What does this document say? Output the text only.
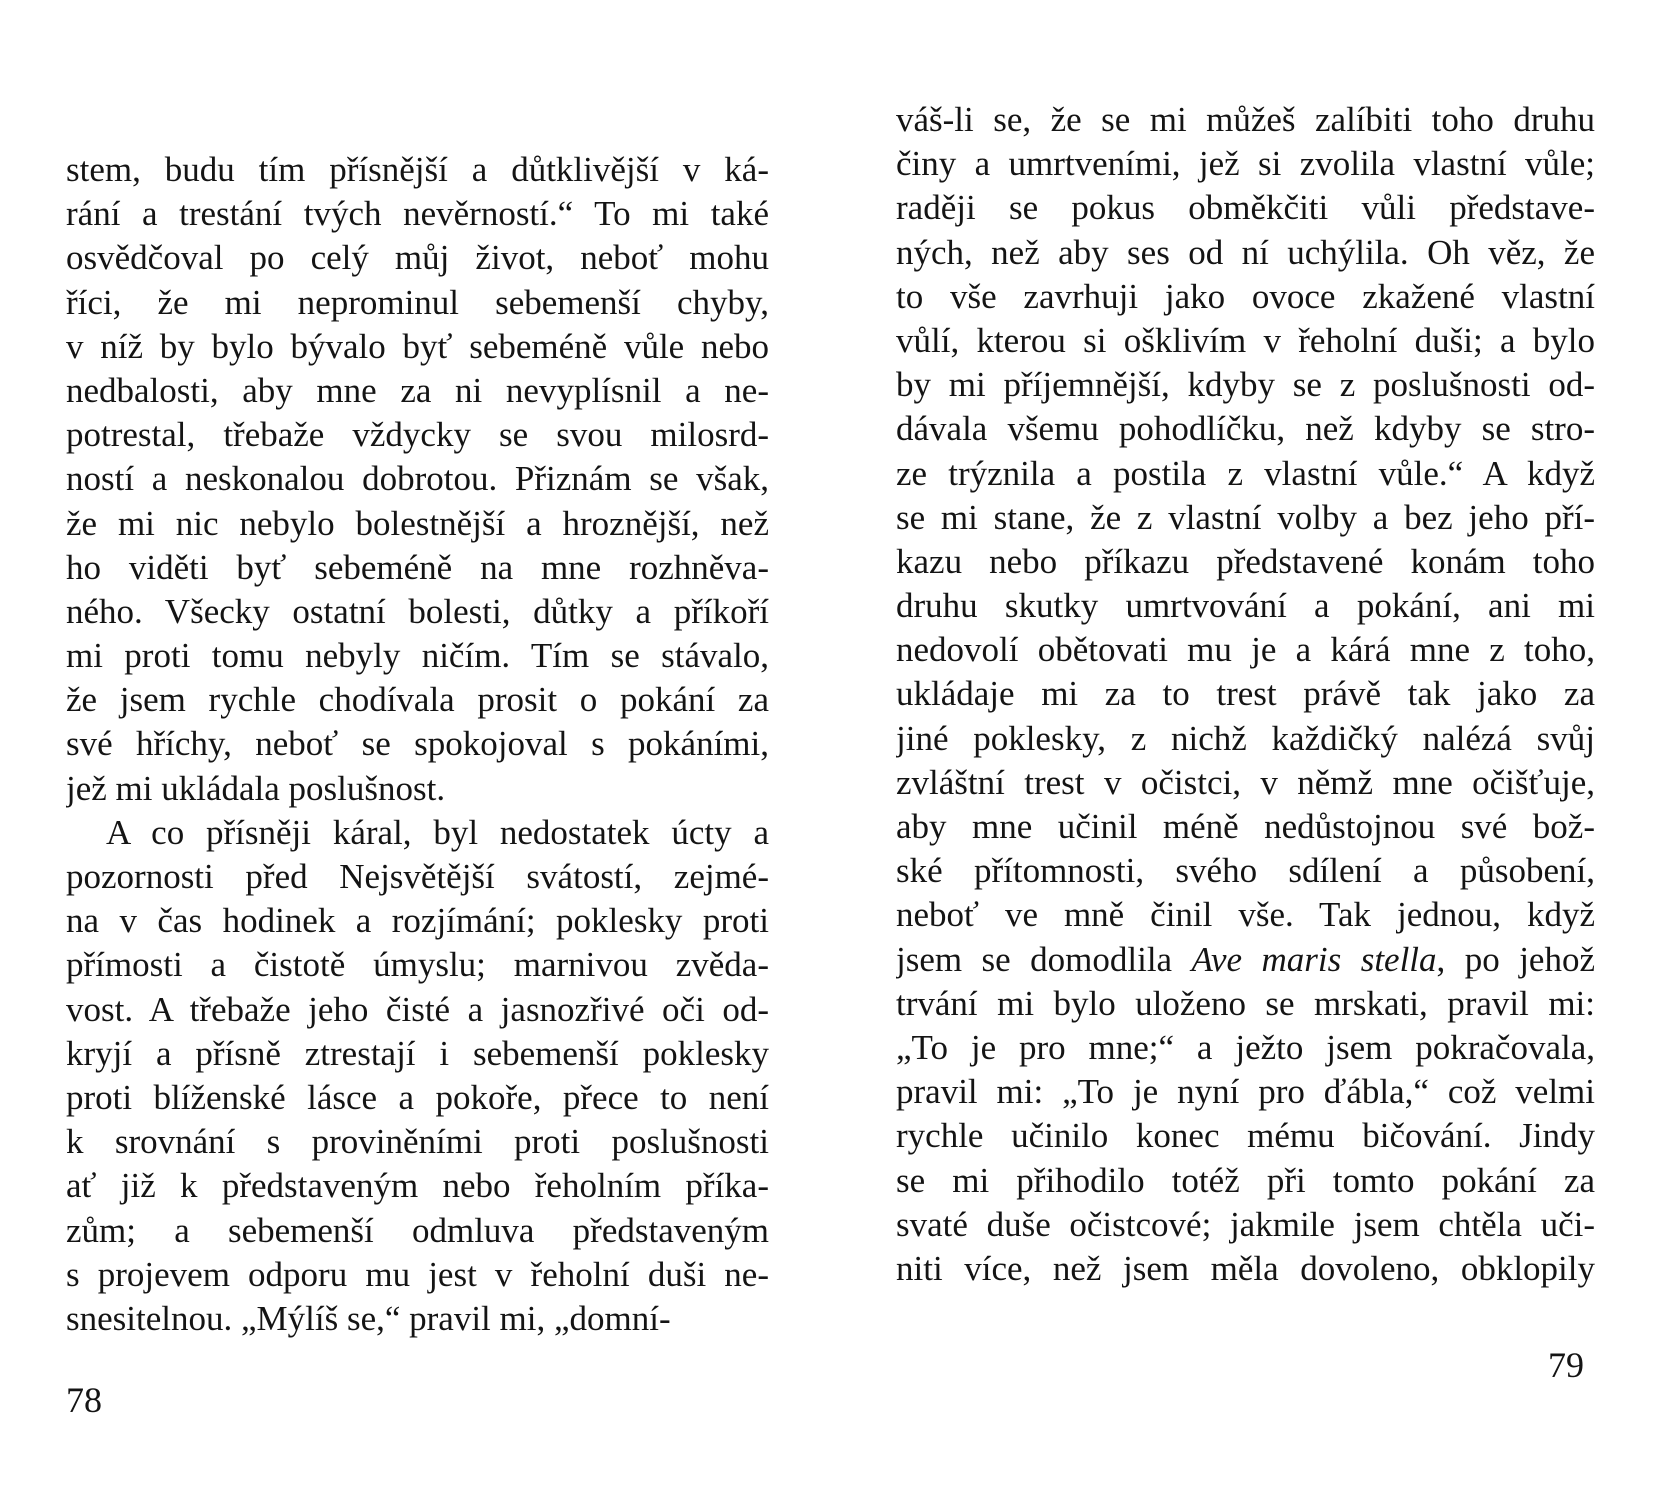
stem, budu tím přísnější a důtklivější v ká-
rání a trestání tvých nevěrností.“ To mi také
osvědčoval po celý můj život, neboť mohu
říci, že mi neprominul sebemenší chyby,
v níž by bylo bývalo byť sebeméně vůle nebo
nedbalosti, aby mne za ni nevyplísnil a ne-
potrestal, třebaže vždycky se svou milosrd-
ností a neskonalou dobrotou. Přiznám se však,
že mi nic nebylo bolestnější a hroznější, než
ho viděti byť sebeméně na mne rozhněva-
ného. Všecky ostatní bolesti, důtky a příkoří
mi proti tomu nebyly ničím. Tím se stávalo,
že jsem rychle chodívala prosit o pokání za
své hříchy, neboť se spokojoval s pokáními,
jež mi ukládala poslušnost.
A co přísněji káral, byl nedostatek úcty a
pozornosti před Nejsvětější svátostí, zejmé-
na v čas hodinek a rozjímání; poklesky proti
přímosti a čistotě úmyslu; marnivou zvěda-
vost. A třebaže jeho čisté a jasnozřivé oči od-
kryjí a přísně ztrestají i sebemenší poklesky
proti blíženské lásce a pokoře, přece to není
k srovnání s proviněními proti poslušnosti
ať již k představeným nebo řeholním příka-
zům; a sebemenší odmluva představeným
s projevem odporu mu jest v řeholní duši ne-
snesitelnou. „Mýlíš se,“ pravil mi, „domní-
78
váš-li se, že se mi můžeš zalíbiti toho druhu
činy a umrtveními, jež si zvolila vlastní vůle;
raději se pokus obměkčiti vůli představe-
ných, než aby ses od ní uchýlila. Oh věz, že
to vše zavrhuji jako ovoce zkažené vlastní
vůlí, kterou si ošklivím v řeholní duši; a bylo
by mi příjemnější, kdyby se z poslušnosti od-
dávala všemu pohodlíčku, než kdyby se stro-
ze trýznila a postila z vlastní vůle.“ A když
se mi stane, že z vlastní volby a bez jeho pří-
kazu nebo příkazu představené konám toho
druhu skutky umrtvování a pokání, ani mi
nedovolí obětovati mu je a kárá mne z toho,
ukládaje mi za to trest právě tak jako za
jiné poklesky, z nichž každičký nalézá svůj
zvláštní trest v očistci, v němž mne očišťuje,
aby mne učinil méně nedůstojnou své bož-
ské přítomnosti, svého sdílení a působení,
neboť ve mně činil vše. Tak jednou, když
jsem se domodlila Ave maris stella, po jehož
trvání mi bylo uloženo se mrskati, pravil mi:
„To je pro mne;“ a ježto jsem pokračovala,
pravil mi: „To je nyní pro ďábla,“ což velmi
rychle učinilo konec mému bičování. Jindy
se mi přihodilo totéž při tomto pokání za
svaté duše očistcové; jakmile jsem chtěla uči-
niti více, než jsem měla dovoleno, obklopily
79
